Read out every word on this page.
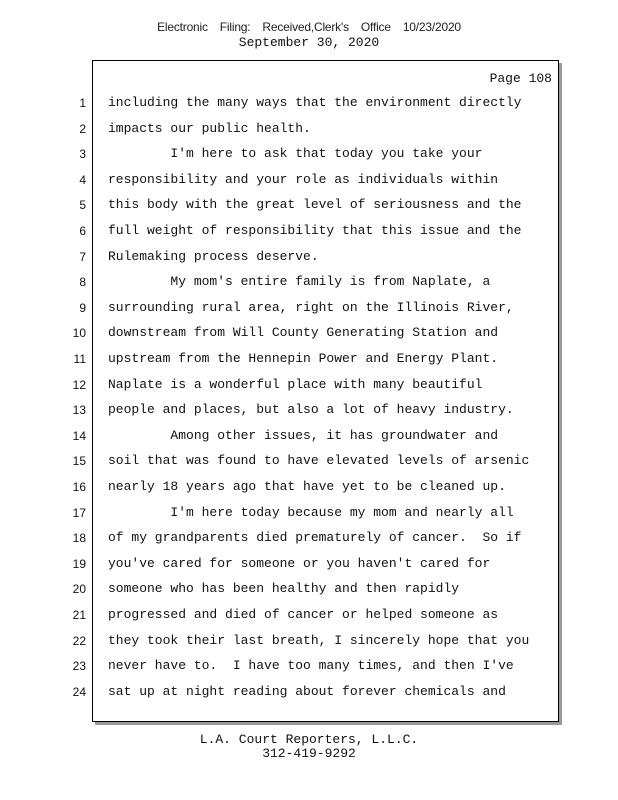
Electronic Filing: Received,Clerk's Office 10/23/2020
September 30, 2020
Page 108
1 including the many ways that the environment directly
2 impacts our public health.
3 I'm here to ask that today you take your
4 responsibility and your role as individuals within
5 this body with the great level of seriousness and the
6 full weight of responsibility that this issue and the
7 Rulemaking process deserve.
8 My mom's entire family is from Naplate, a
9 surrounding rural area, right on the Illinois River,
10 downstream from Will County Generating Station and
11 upstream from the Hennepin Power and Energy Plant.
12 Naplate is a wonderful place with many beautiful
13 people and places, but also a lot of heavy industry.
14 Among other issues, it has groundwater and
15 soil that was found to have elevated levels of arsenic
16 nearly 18 years ago that have yet to be cleaned up.
17 I'm here today because my mom and nearly all
18 of my grandparents died prematurely of cancer.  So if
19 you've cared for someone or you haven't cared for
20 someone who has been healthy and then rapidly
21 progressed and died of cancer or helped someone as
22 they took their last breath, I sincerely hope that you
23 never have to.  I have too many times, and then I've
24 sat up at night reading about forever chemicals and
L.A. Court Reporters, L.L.C.
312-419-9292
